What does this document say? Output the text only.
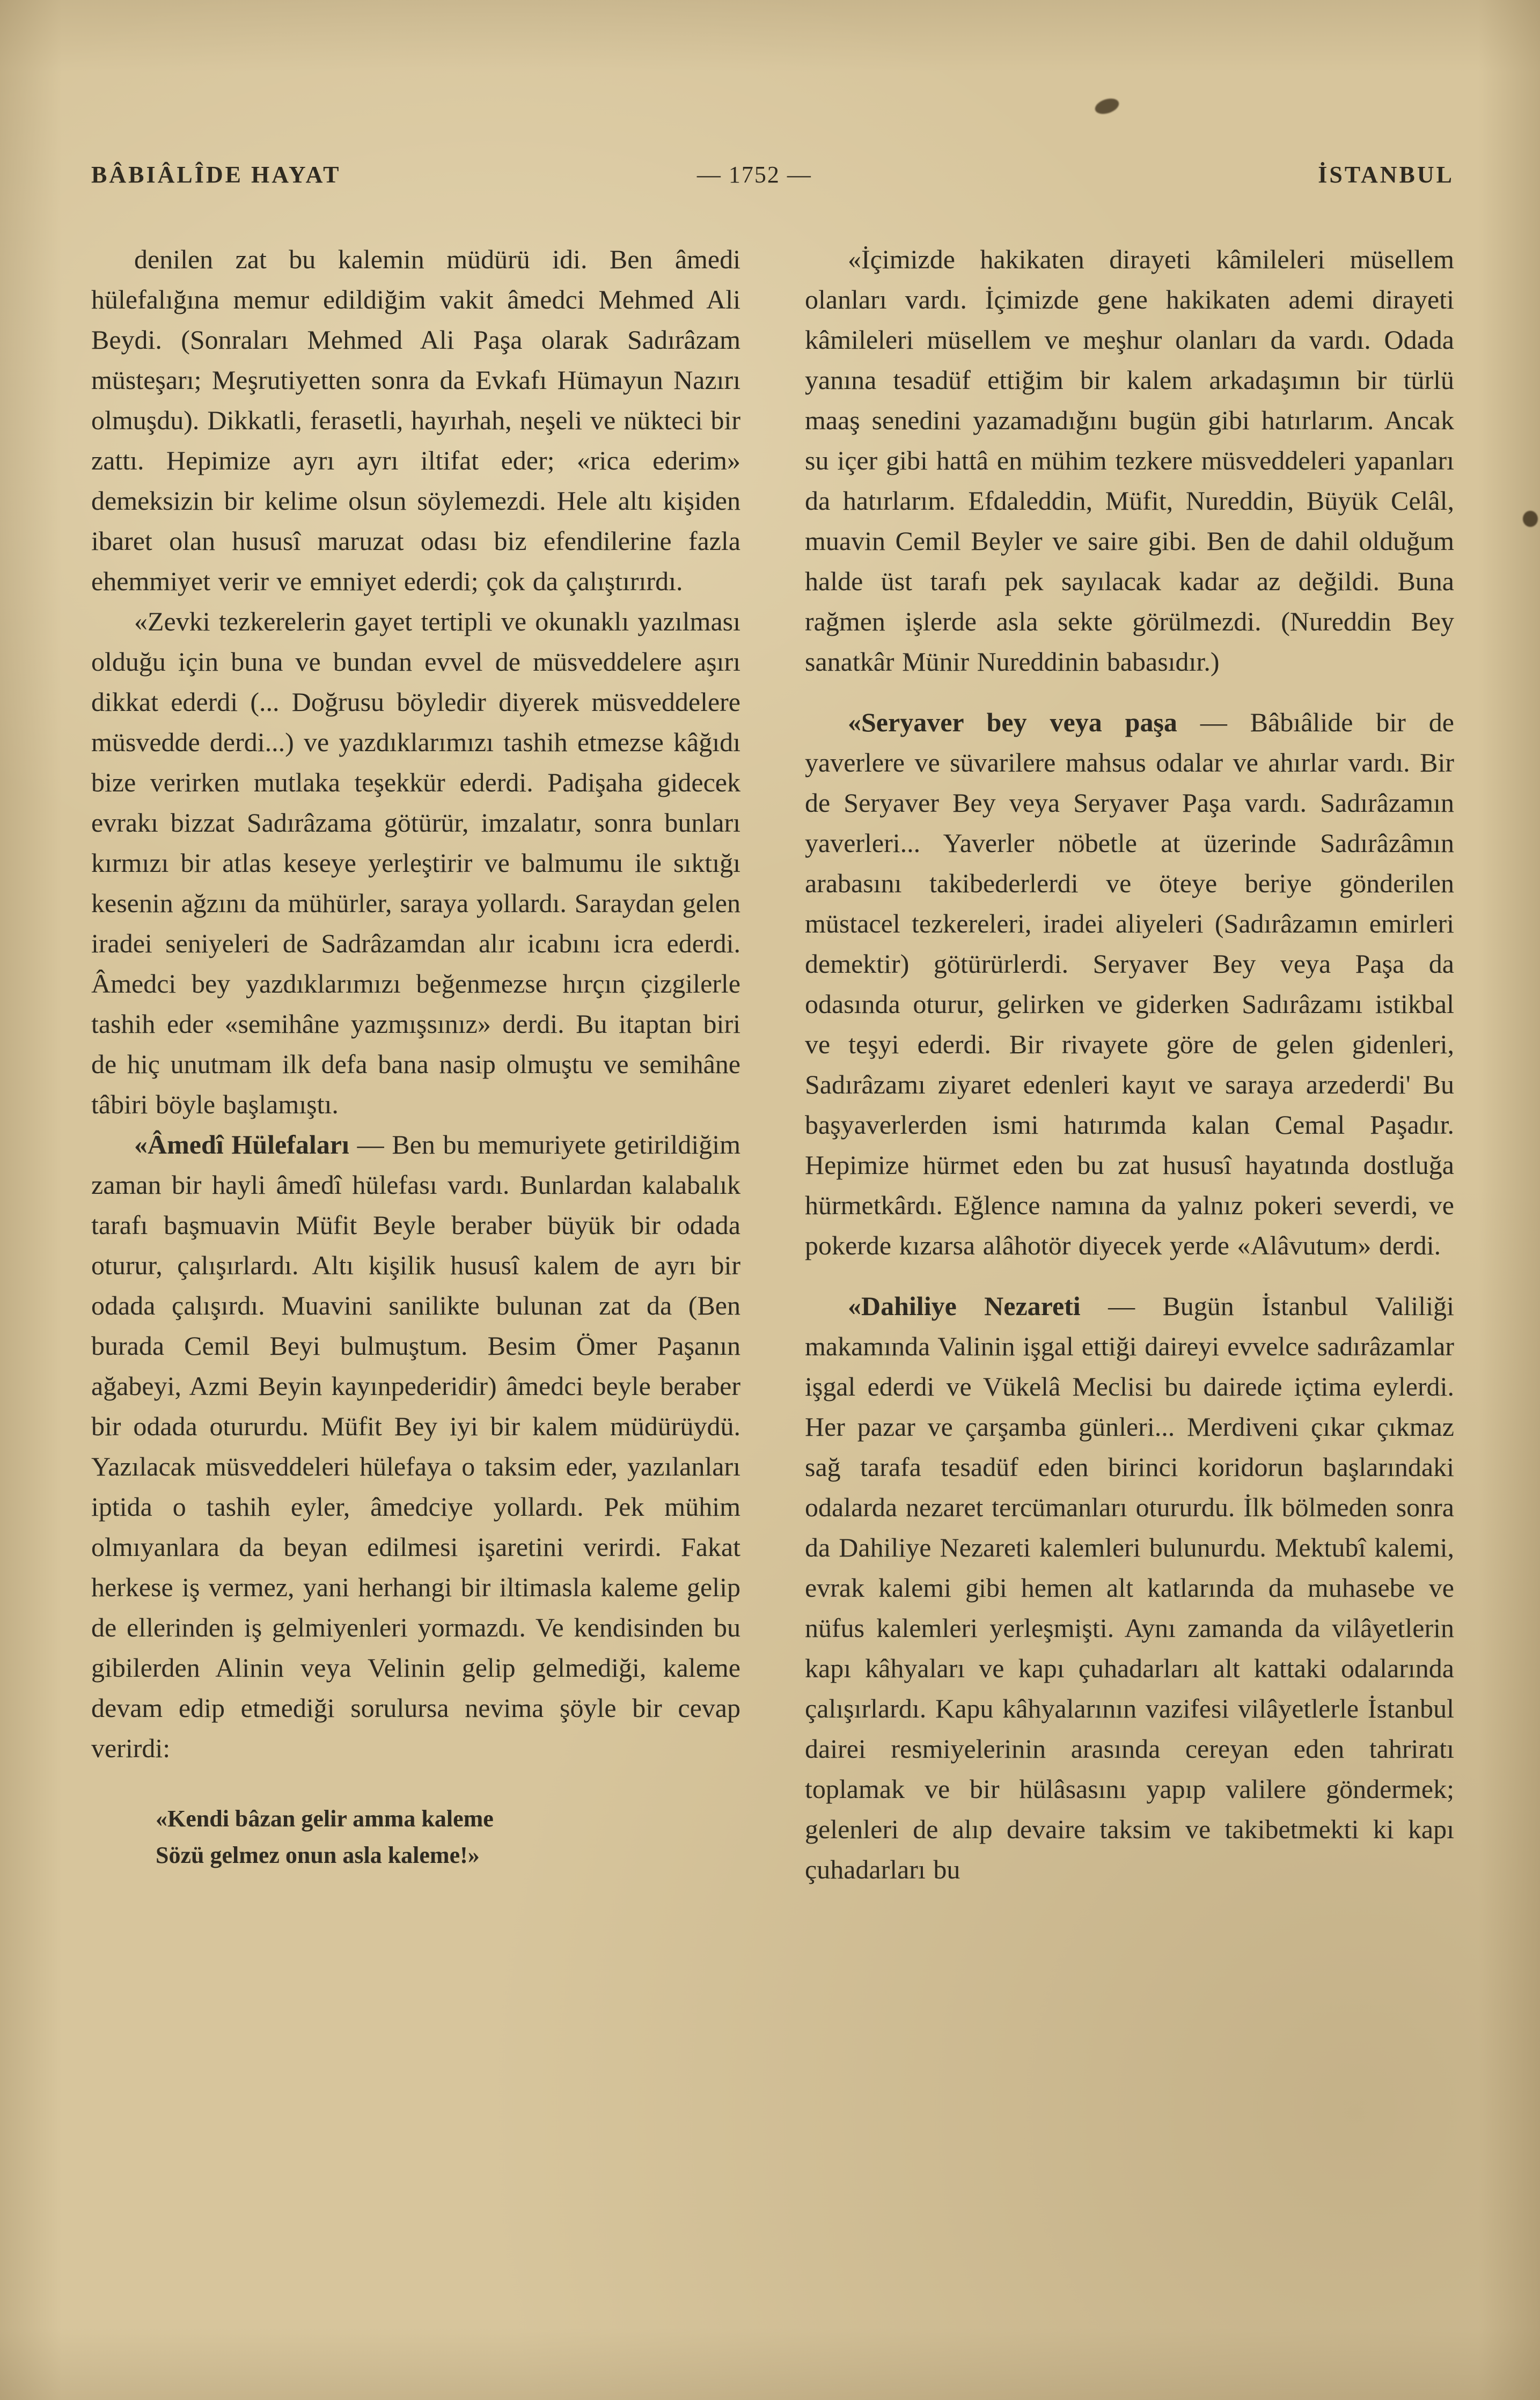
BÂBIÂLÎDE HAYAT	— 1752 —	İSTANBUL

denilen zat bu kalemin müdürü idi. Ben âmedi hülefalığına memur edildiğim vakit âmedci Mehmed Ali Beydi. (Sonraları Mehmed Ali Paşa olarak Sadırâzam müsteşarı; Meşrutiyetten sonra da Evkafı Hümayun Nazırı olmuşdu). Dikkatli, ferasetli, hayırhah, neşeli ve nükteci bir zattı. Hepimize ayrı ayrı iltifat eder; «rica ederim» demeksizin bir kelime olsun söylemezdi. Hele altı kişiden ibaret olan hususî maruzat odası biz efendilerine fazla ehemmiyet verir ve emniyet ederdi; çok da çalıştırırdı.

«Zevki tezkerelerin gayet tertipli ve okunaklı yazılması olduğu için buna ve bundan evvel de müsveddelere aşırı dikkat ederdi (... Doğrusu böyledir diyerek müsveddelere müsvedde derdi...) ve yazdıklarımızı tashih etmezse kâğıdı bize verirken mutlaka teşekkür ederdi. Padişaha gidecek evrakı bizzat Sadırâzama götürür, imzalatır, sonra bunları kırmızı bir atlas keseye yerleştirir ve balmumu ile sıktığı kesenin ağzını da mühürler, saraya yollardı. Saraydan gelen iradei seniyeleri de Sadrâzamdan alır icabını icra ederdi. Âmedci bey yazdıklarımızı beğenmezse hırçın çizgilerle tashih eder «semihâne yazmışsınız» derdi. Bu itaptan biri de hiç unutmam ilk defa bana nasip olmuştu ve semihâne tâbiri böyle başlamıştı.

«Âmedî Hülefaları — Ben bu memuriyete getirildiğim zaman bir hayli âmedî hülefası vardı. Bunlardan kalabalık tarafı başmuavin Müfit Beyle beraber büyük bir odada oturur, çalışırlardı. Altı kişilik hususî kalem de ayrı bir odada çalışırdı. Muavini sanilikte bulunan zat da (Ben burada Cemil Beyi bulmuştum. Besim Ömer Paşanın ağabeyi, Azmi Beyin kayınpederidir) âmedci beyle beraber bir odada otururdu. Müfit Bey iyi bir kalem müdürüydü. Yazılacak müsveddeleri hülefaya o taksim eder, yazılanları iptida o tashih eyler, âmedciye yollardı. Pek mühim olmıyanlara da beyan edilmesi işaretini verirdi. Fakat herkese iş vermez, yani herhangi bir iltimasla kaleme gelip de ellerinden iş gelmiyenleri yormazdı. Ve kendisinden bu gibilerden Alinin veya Velinin gelip gelmediği, kaleme devam edip etmediği sorulursa nevima şöyle bir cevap verirdi:

«Kendi bâzan gelir amma kaleme
Sözü gelmez onun asla kaleme!»

«İçimizde hakikaten dirayeti kâmileleri müsellem olanları vardı. İçimizde gene hakikaten ademi dirayeti kâmileleri müsellem ve meşhur olanları da vardı. Odada yanına tesadüf ettiğim bir kalem arkadaşımın bir türlü maaş senedini yazamadığını bugün gibi hatırlarım. Ancak su içer gibi hattâ en mühim tezkere müsveddeleri yapanları da hatırlarım. Efdaleddin, Müfit, Nureddin, Büyük Celâl, muavin Cemil Beyler ve saire gibi. Ben de dahil olduğum halde üst tarafı pek sayılacak kadar az değildi. Buna rağmen işlerde asla sekte görülmezdi. (Nureddin Bey sanatkâr Münir Nureddinin babasıdır.)

«Seryaver bey veya paşa — Bâbıâlide bir de yaverlere ve süvarilere mahsus odalar ve ahırlar vardı. Bir de Seryaver Bey veya Seryaver Paşa vardı. Sadırâzamın yaverleri... Yaverler nöbetle at üzerinde Sadırâzâmın arabasını takibederlerdi ve öteye beriye gönderilen müstacel tezkereleri, iradei aliyeleri (Sadırâzamın emirleri demektir) götürürlerdi. Seryaver Bey veya Paşa da odasında oturur, gelirken ve giderken Sadırâzamı istikbal ve teşyi ederdi. Bir rivayete göre de gelen gidenleri, Sadırâzamı ziyaret edenleri kayıt ve saraya arzederdi' Bu başyaverlerden ismi hatırımda kalan Cemal Paşadır. Hepimize hürmet eden bu zat hususî hayatında dostluğa hürmetkârdı. Eğlence namına da yalnız pokeri severdi, ve pokerde kızarsa alâhotör diyecek yerde «Alâvutum» derdi.

«Dahiliye Nezareti — Bugün İstanbul Valiliği makamında Valinin işgal ettiği daireyi evvelce sadırâzamlar işgal ederdi ve Vükelâ Meclisi bu dairede içtima eylerdi. Her pazar ve çarşamba günleri... Merdiveni çıkar çıkmaz sağ tarafa tesadüf eden birinci koridorun başlarındaki odalarda nezaret tercümanları otururdu. İlk bölmeden sonra da Dahiliye Nezareti kalemleri bulunurdu. Mektubî kalemi, evrak kalemi gibi hemen alt katlarında da muhasebe ve nüfus kalemleri yerleşmişti. Aynı zamanda da vilâyetlerin kapı kâhyaları ve kapı çuhadarları alt kattaki odalarında çalışırlardı. Kapu kâhyalarının vazifesi vilâyetlerle İstanbul dairei resmiyelerinin arasında cereyan eden tahriratı toplamak ve bir hülâsasını yapıp valilere göndermek; gelenleri de alıp devaire taksim ve takibetmekti ki kapı çuhadarları bu
